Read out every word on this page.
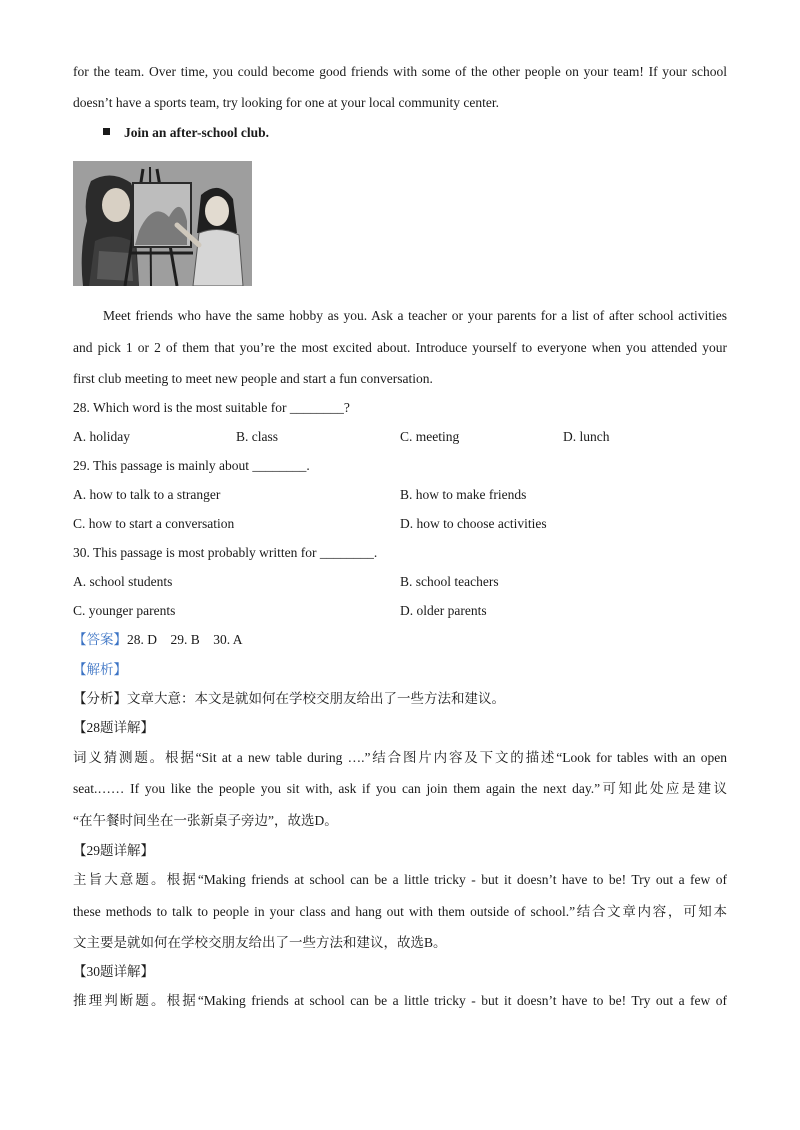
for the team. Over time, you could become good friends with some of the other people on your team! If your school
doesn’t have a sports team, try looking for one at your local community center.
Join an after-school club.
Meet friends who have the same hobby as you. Ask a teacher or your parents for a list of after school activities
and pick 1 or 2 of them that you’re the most excited about. Introduce yourself to everyone when you attended your
first club meeting to meet new people and start a fun conversation.
28. Which word is the most suitable for ________?
A. holiday	B. class	C. meeting	D. lunch
29. This passage is mainly about ________.
A. how to talk to a stranger	B. how to make friends
C. how to start a conversation	D. how to choose activities
30. This passage is most probably written for ________.
A. school students	B. school teachers
C. younger parents	D. older parents
【答案】28. D    29. B    30. A
【解析】
【分析】文章大意：本文是就如何在学校交朋友给出了一些方法和建议。
【28题详解】
词义猜测题。根据“Sit at a new table during ….”结合图片内容及下文的描述“Look for tables with an open
seat.…… If you like the people you sit with, ask if you can join them again the next day.”可知此处应是建议
“在午餐时间坐在一张新桌子旁边”，故选D。
【29题详解】
主旨大意题。根据“Making friends at school can be a little tricky - but it doesn’t have to be! Try out a few of
these methods to talk to people in your class and hang out with them outside of school.”结合文章内容，可知本
文主要是就如何在学校交朋友给出了一些方法和建议，故选B。
【30题详解】
推理判断题。根据“Making friends at school can be a little tricky - but it doesn’t have to be! Try out a few of
